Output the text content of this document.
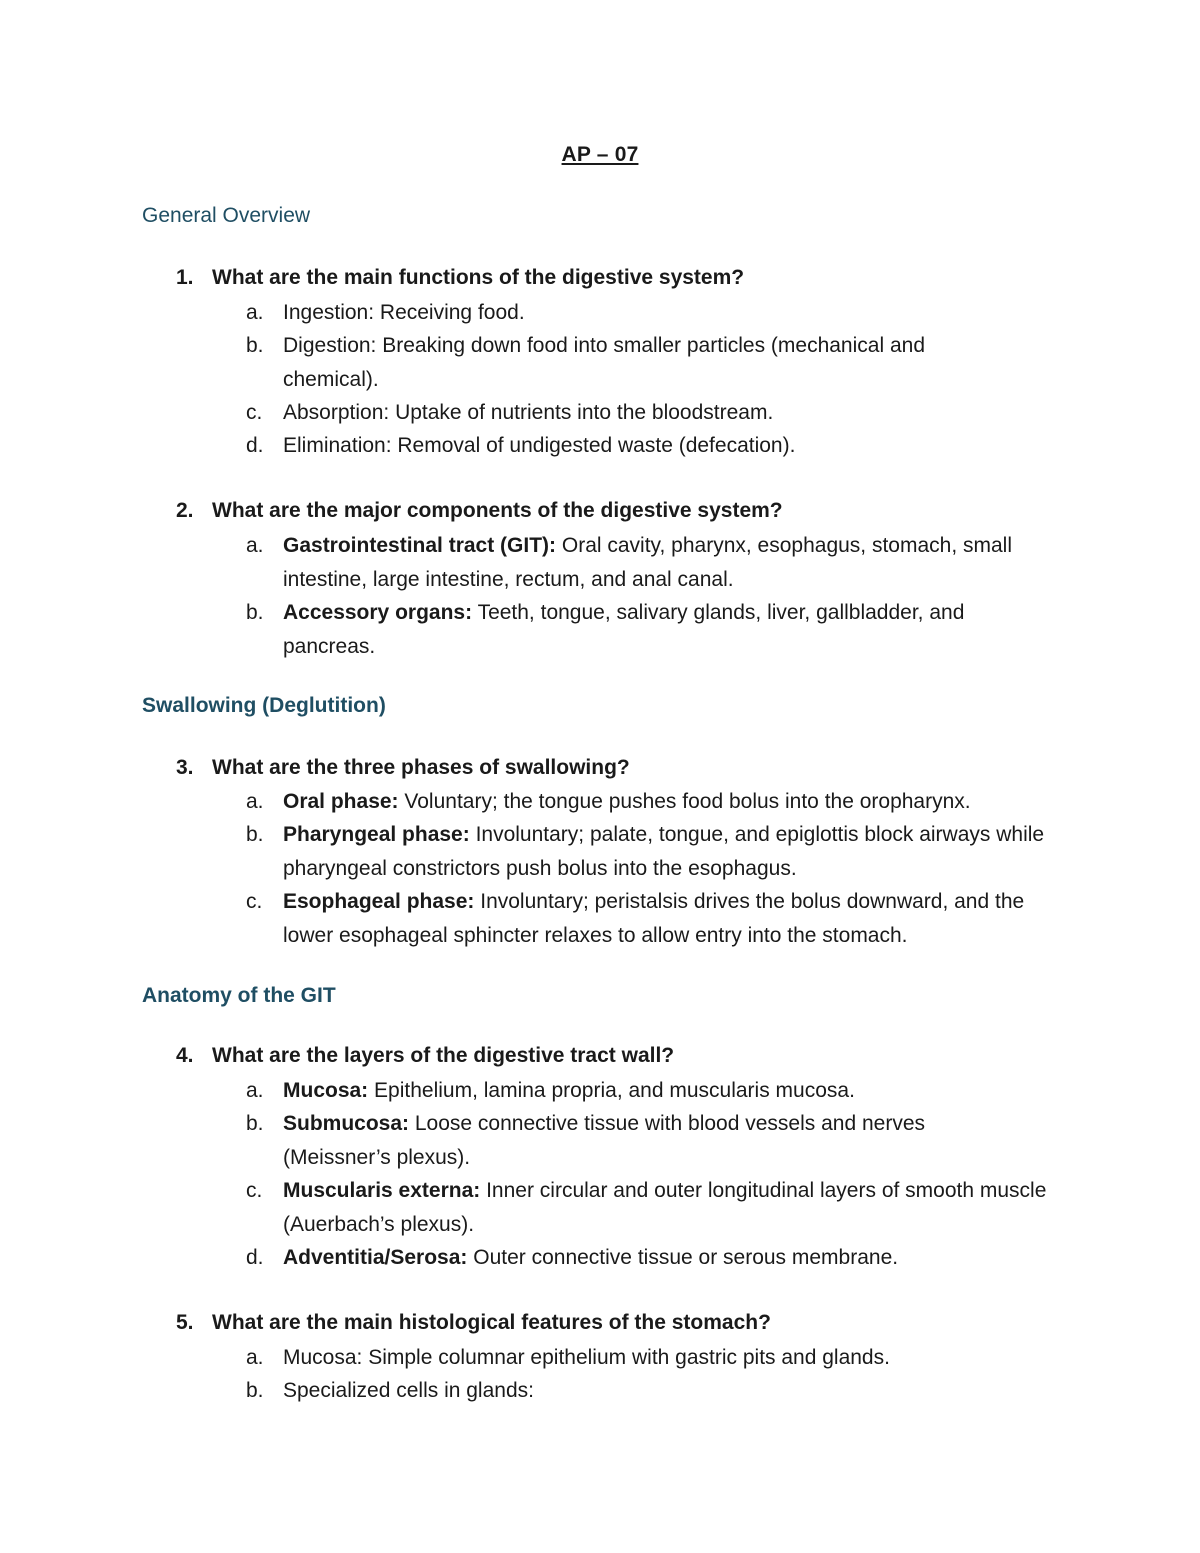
AP – 07
General Overview
1. What are the main functions of the digestive system?
a. Ingestion: Receiving food.
b. Digestion: Breaking down food into smaller particles (mechanical and chemical).
c. Absorption: Uptake of nutrients into the bloodstream.
d. Elimination: Removal of undigested waste (defecation).
2. What are the major components of the digestive system?
a. Gastrointestinal tract (GIT): Oral cavity, pharynx, esophagus, stomach, small intestine, large intestine, rectum, and anal canal.
b. Accessory organs: Teeth, tongue, salivary glands, liver, gallbladder, and pancreas.
Swallowing (Deglutition)
3. What are the three phases of swallowing?
a. Oral phase: Voluntary; the tongue pushes food bolus into the oropharynx.
b. Pharyngeal phase: Involuntary; palate, tongue, and epiglottis block airways while pharyngeal constrictors push bolus into the esophagus.
c. Esophageal phase: Involuntary; peristalsis drives the bolus downward, and the lower esophageal sphincter relaxes to allow entry into the stomach.
Anatomy of the GIT
4. What are the layers of the digestive tract wall?
a. Mucosa: Epithelium, lamina propria, and muscularis mucosa.
b. Submucosa: Loose connective tissue with blood vessels and nerves (Meissner’s plexus).
c. Muscularis externa: Inner circular and outer longitudinal layers of smooth muscle (Auerbach’s plexus).
d. Adventitia/Serosa: Outer connective tissue or serous membrane.
5. What are the main histological features of the stomach?
a. Mucosa: Simple columnar epithelium with gastric pits and glands.
b. Specialized cells in glands:
